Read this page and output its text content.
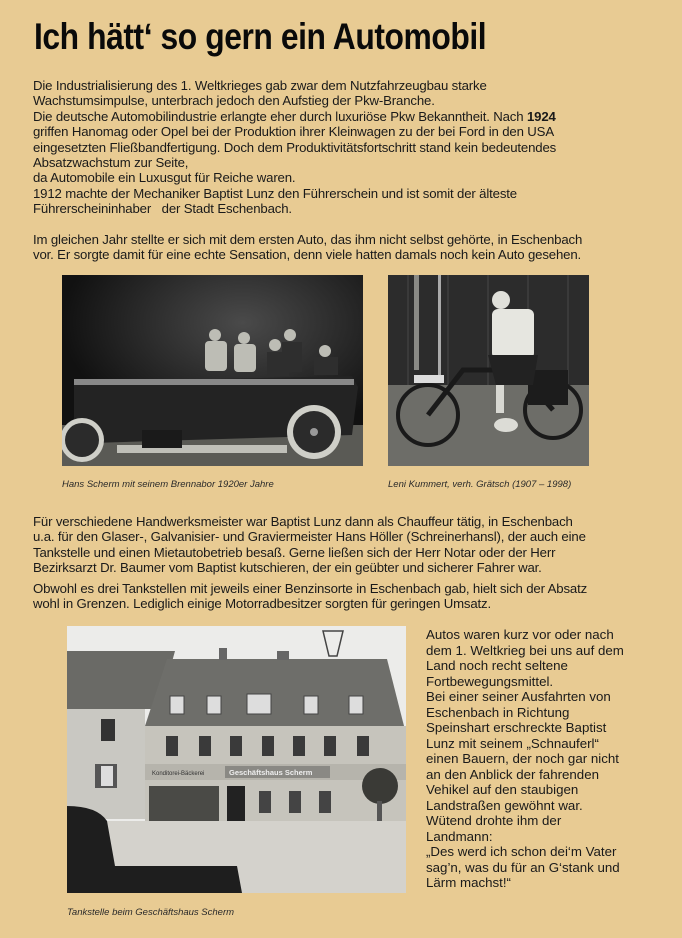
Ich hätt‘ so gern ein Automobil

Die Industrialisierung des 1. Weltkrieges gab zwar dem Nutzfahrzeugbau starke
Wachstumsimpulse, unterbrach jedoch den Aufstieg der Pkw-Branche.
Die deutsche Automobilindustrie erlangte eher durch luxuriöse Pkw Bekanntheit. Nach 1924
griffen Hanomag oder Opel bei der Produktion ihrer Kleinwagen zu der bei Ford in den USA
eingesetzten Fließbandfertigung. Doch dem Produktivitätsfortschritt stand kein bedeutendes
Absatzwachstum zur Seite,
da Automobile ein Luxusgut für Reiche waren.

1912 machte der Mechaniker Baptist Lunz den Führerschein und ist somit der älteste
Führerscheininhaber   der Stadt Eschenbach.

Im gleichen Jahr stellte er sich mit dem ersten Auto, das ihm nicht selbst gehörte, in Eschenbach
vor. Er sorgte damit für eine echte Sensation, denn viele hatten damals noch kein Auto gesehen.

Hans Scherm mit seinem Brennabor 1920er Jahre	Leni Kummert, verh. Grätsch (1907 – 1998)

Für verschiedene Handwerksmeister war Baptist Lunz dann als Chauffeur tätig, in Eschenbach
u.a. für den Glaser-, Galvanisier- und Graviermeister Hans Höller (Schreinerhansl), der auch eine
Tankstelle und einen Mietautobetrieb besaß. Gerne ließen sich der Herr Notar oder der Herr
Bezirksarzt Dr. Baumer vom Baptist kutschieren, der ein geübter und sicherer Fahrer war.

Obwohl es drei Tankstellen mit jeweils einer Benzinsorte in Eschenbach gab, hielt sich der Absatz
wohl in Grenzen. Lediglich einige Motorradbesitzer sorgten für geringen Umsatz.

Konditorei-Bäckerei	Geschäftshaus Scherm

Tankstelle beim Geschäftshaus Scherm

Autos waren kurz vor oder nach
dem 1. Weltkrieg bei uns auf dem
Land noch recht seltene
Fortbewegungsmittel.
Bei einer seiner Ausfahrten von
Eschenbach in Richtung
Speinshart erschreckte Baptist
Lunz mit seinem „Schnauferl“
einen Bauern, der noch gar nicht
an den Anblick der fahrenden
Vehikel auf den staubigen
Landstraßen gewöhnt war.
Wütend drohte ihm der
Landmann:
„Des werd ich schon dei‘m Vater
sag’n, was du für an G‘stank und
Lärm machst!“
